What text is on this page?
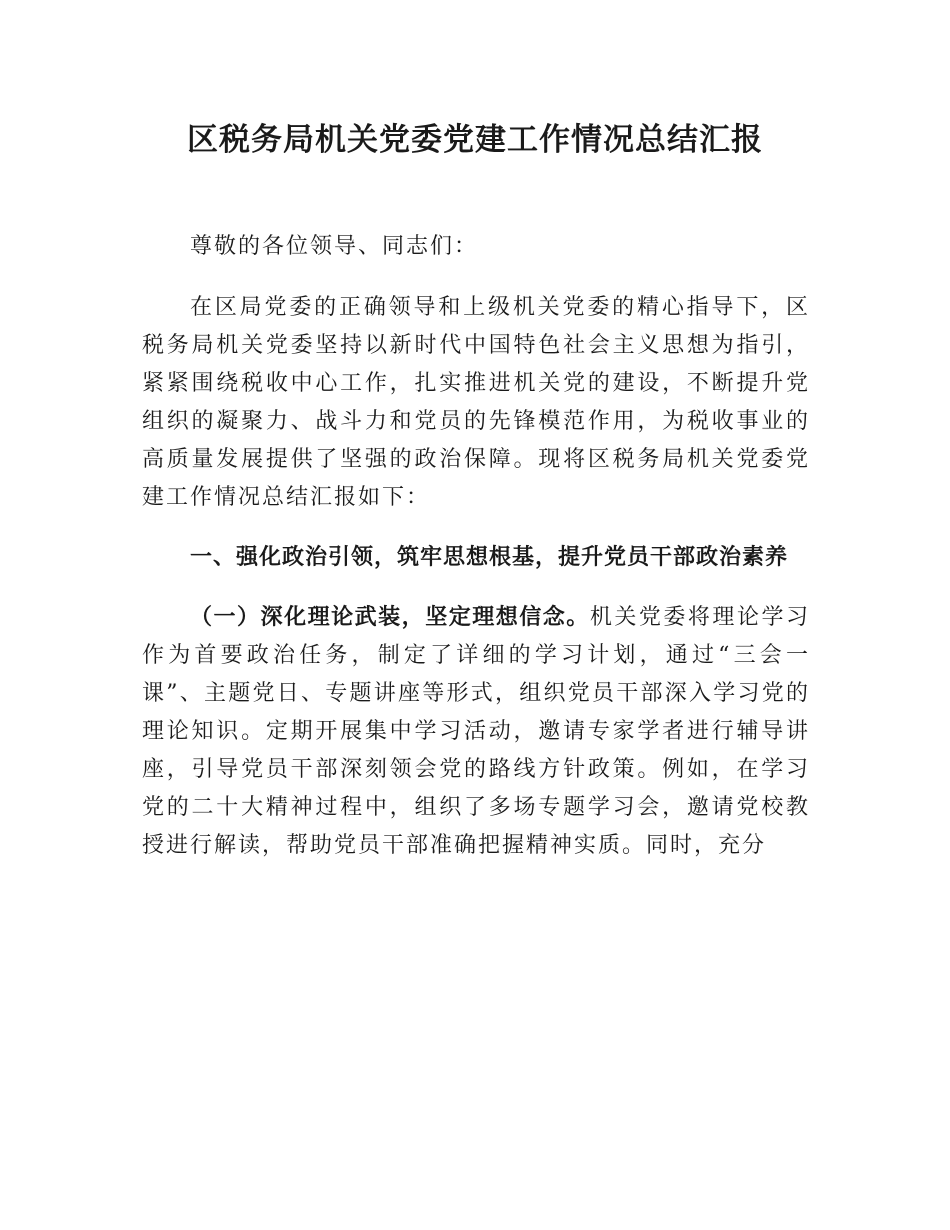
区税务局机关党委党建工作情况总结汇报

尊敬的各位领导、同志们：

在区局党委的正确领导和上级机关党委的精心指导下，区税务局机关党委坚持以新时代中国特色社会主义思想为指引，紧紧围绕税收中心工作，扎实推进机关党的建设，不断提升党组织的凝聚力、战斗力和党员的先锋模范作用，为税收事业的高质量发展提供了坚强的政治保障。现将区税务局机关党委党建工作情况总结汇报如下：

一、强化政治引领，筑牢思想根基，提升党员干部政治素养

（一）深化理论武装，坚定理想信念。机关党委将理论学习作为首要政治任务，制定了详细的学习计划，通过“三会一课”、主题党日、专题讲座等形式，组织党员干部深入学习党的理论知识。定期开展集中学习活动，邀请专家学者进行辅导讲座，引导党员干部深刻领会党的路线方针政策。例如，在学习党的二十大精神过程中，组织了多场专题学习会，邀请党校教授进行解读，帮助党员干部准确把握精神实质。同时，充分
